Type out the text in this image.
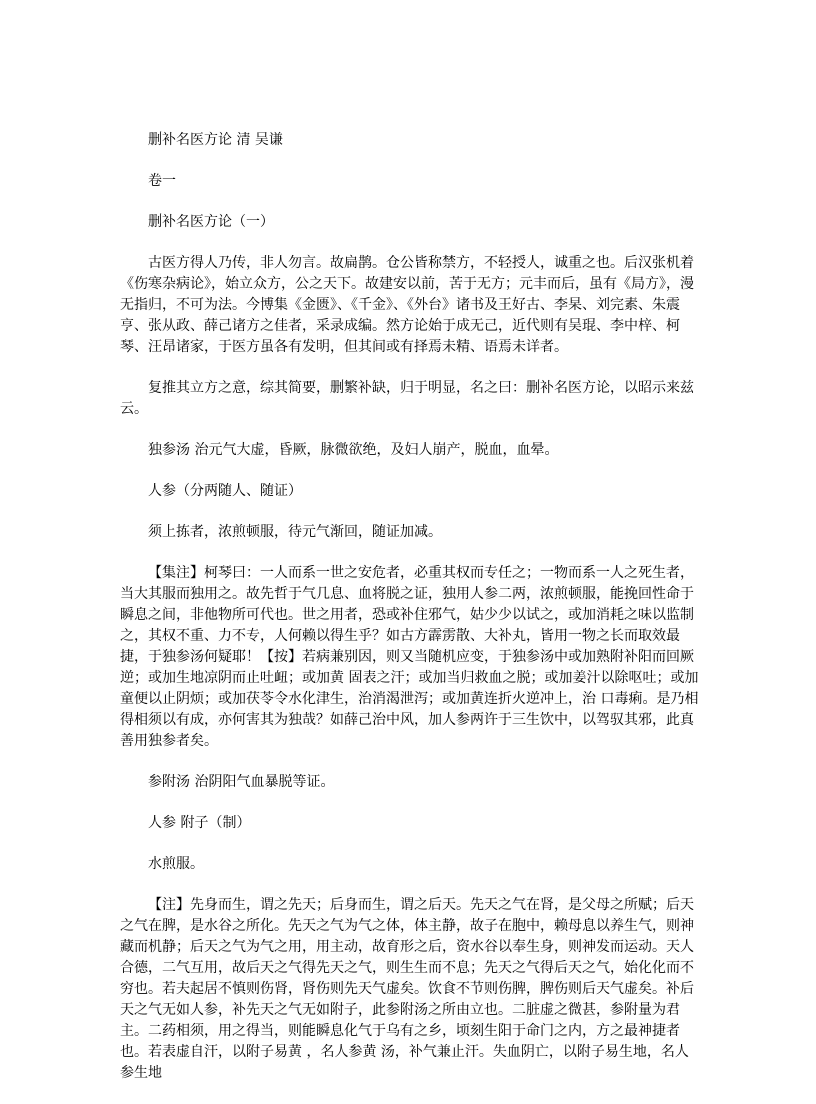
删补名医方论 清 吴谦

卷一

删补名医方论（一）

古医方得人乃传，非人勿言。故扁鹊。仓公皆称禁方，不轻授人，诚重之也。后汉张机着《伤寒杂病论》，始立众方，公之天下。故建安以前，苦于无方；元丰而后，虽有《局方》，漫无指归，不可为法。今博集《金匮》、《千金》、《外台》诸书及王好古、李杲、刘完素、朱震亨、张从政、薛己诸方之佳者，采录成编。然方论始于成无己，近代则有吴琨、李中梓、柯琴、汪昂诸家，于医方虽各有发明，但其间或有择焉未精、语焉未详者。

复推其立方之意，综其简要，删繁补缺，归于明显，名之曰：删补名医方论，以昭示来兹云。

独参汤 治元气大虚，昏厥，脉微欲绝，及妇人崩产，脱血，血晕。

人参（分两随人、随证）

须上拣者，浓煎顿服，待元气渐回，随证加减。

【集注】柯琴曰：一人而系一世之安危者，必重其权而专任之；一物而系一人之死生者，当大其服而独用之。故先哲于气几息、血将脱之证，独用人参二两，浓煎顿服，能挽回性命于瞬息之间，非他物所可代也。世之用者，恐或补住邪气，姑少少以试之，或加消耗之味以监制之，其权不重、力不专，人何赖以得生乎？如古方霹雳散、大补丸，皆用一物之长而取效最捷，于独参汤何疑耶！【按】若病兼别因，则又当随机应变，于独参汤中或加熟附补阳而回厥逆；或加生地凉阴而止吐衄；或加黄 固表之汗；或加当归救血之脱；或加姜汁以除呕吐；或加童便以止阴烦；或加茯苓令水化津生，治消渴泄泻；或加黄连折火逆冲上，治 口毒痢。是乃相得相须以有成，亦何害其为独哉？如薛己治中风，加人参两许于三生饮中，以驾驭其邪，此真善用独参者矣。

参附汤 治阴阳气血暴脱等证。

人参 附子（制）

水煎服。

【注】先身而生，谓之先天；后身而生，谓之后天。先天之气在肾，是父母之所赋；后天之气在脾，是水谷之所化。先天之气为气之体，体主静，故子在胞中，赖母息以养生气，则神藏而机静；后天之气为气之用，用主动，故育形之后，资水谷以奉生身，则神发而运动。天人合德，二气互用，故后天之气得先天之气，则生生而不息；先天之气得后天之气，始化化而不穷也。若夫起居不慎则伤肾，肾伤则先天气虚矣。饮食不节则伤脾，脾伤则后天气虚矣。补后天之气无如人参，补先天之气无如附子，此参附汤之所由立也。二脏虚之微甚，参附量为君主。二药相须，用之得当，则能瞬息化气于乌有之乡，顷刻生阳于命门之内，方之最神捷者也。若表虚自汗，以附子易黄 ，名人参黄 汤，补气兼止汗。失血阴亡，以附子易生地，名人参生地
